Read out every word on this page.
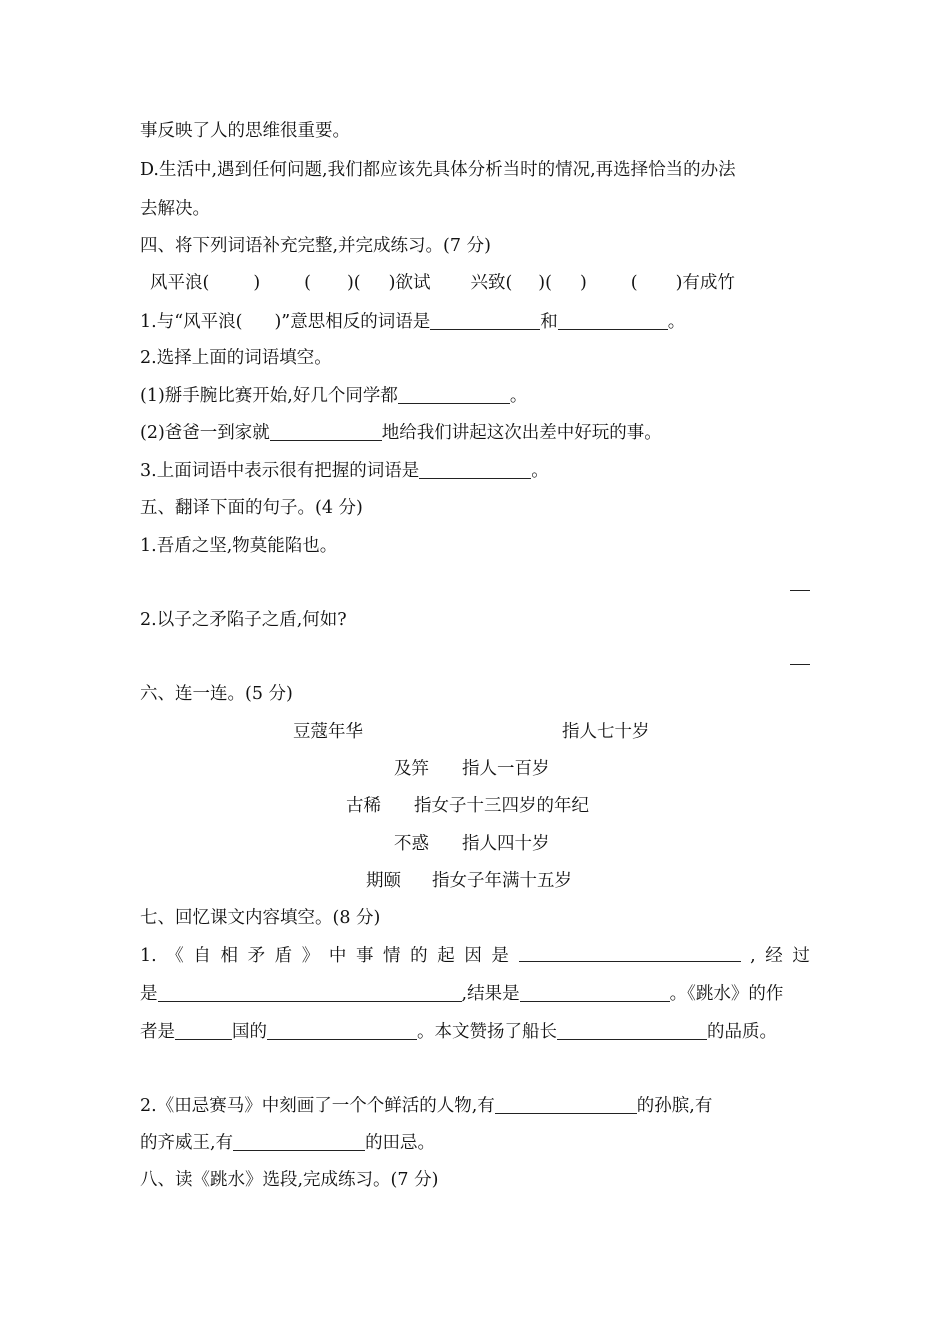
事反映了人的思维很重要。
D.生活中,遇到任何问题,我们都应该先具体分析当时的情况,再选择恰当的办法
去解决。
四、将下列词语补充完整,并完成练习。(7 分)
风平浪(	)	( )( )欲试 兴致( )( )	( )有成竹
1.与“风平浪( )”意思相反的词语是	和	。
2.选择上面的词语填空。
(1)掰手腕比赛开始,好几个同学都	。
(2)爸爸一到家就	地给我们讲起这次出差中好玩的事。
3.上面词语中表示很有把握的词语是	。
五、翻译下面的句子。(4 分)
1.吾盾之坚,物莫能陷也。
2.以子之矛陷子之盾,何如?
六、连一连。(5 分)
豆蔻年华	指人七十岁
及笄 指人一百岁
古稀 指女子十三四岁的年纪
不惑 指人四十岁
期颐 指女子年满十五岁
七、回忆课文内容填空。(8 分)
1. 《 自 相 矛 盾 》 中 事 情 的 起 因 是	, 经 过
是	,结果是	。《跳水》的作
者是	国的	。本文赞扬了船长	的品质。
2.《田忌赛马》中刻画了一个个鲜活的人物,有	的孙膑,有
的齐威王,有	的田忌。
八、读《跳水》选段,完成练习。(7 分)
